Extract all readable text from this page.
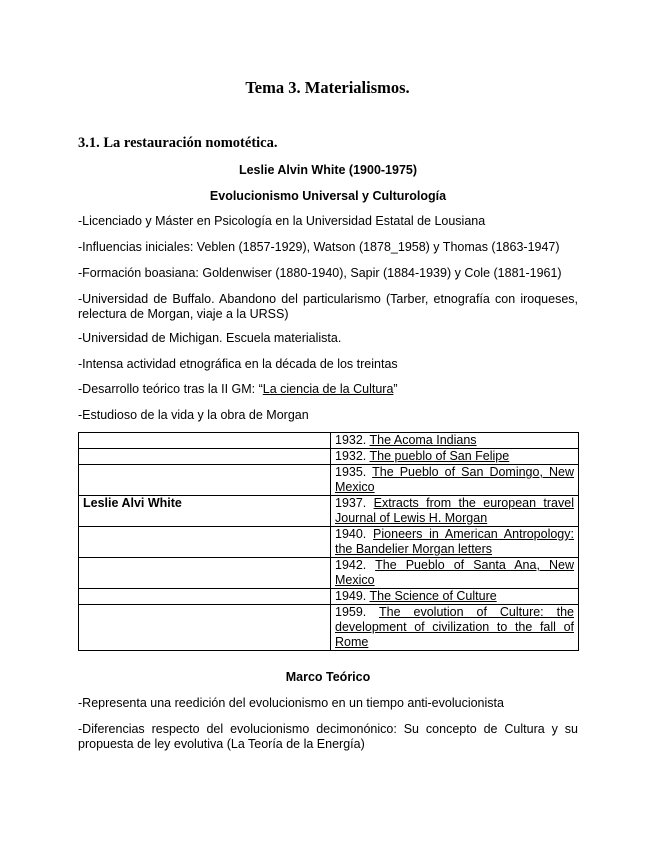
Tema 3. Materialismos.
3.1. La restauración nomotética.
Leslie Alvin White (1900-1975)
Evolucionismo Universal y Culturología
-Licenciado y Máster en Psicología en la Universidad Estatal de Lousiana
-Influencias iniciales: Veblen (1857-1929), Watson (1878_1958) y Thomas (1863-1947)
-Formación boasiana: Goldenwiser (1880-1940), Sapir (1884-1939) y Cole (1881-1961)
-Universidad de Buffalo. Abandono del particularismo (Tarber, etnografía con iroqueses, relectura de Morgan, viaje a la URSS)
-Universidad de Michigan. Escuela materialista.
-Intensa actividad etnográfica en la década de los treintas
-Desarrollo teórico tras la II GM: “La ciencia de la Cultura”
-Estudioso de la vida y la obra de Morgan
	1932. The Acoma Indians
	1932. The pueblo of San Felipe
	1935. The Pueblo of San Domingo, New Mexico
Leslie Alvi White	1937. Extracts from the european travel Journal of Lewis H. Morgan
	1940. Pioneers in American Antropology: the Bandelier Morgan letters
	1942. The Pueblo of Santa Ana, New Mexico
	1949. The Science of Culture
	1959. The evolution of Culture: the development of civilization to the fall of Rome
Marco Teórico
-Representa una reedición del evolucionismo en un tiempo anti-evolucionista
-Diferencias respecto del evolucionismo decimonónico: Su concepto de Cultura y su propuesta de ley evolutiva (La Teoría de la Energía)
